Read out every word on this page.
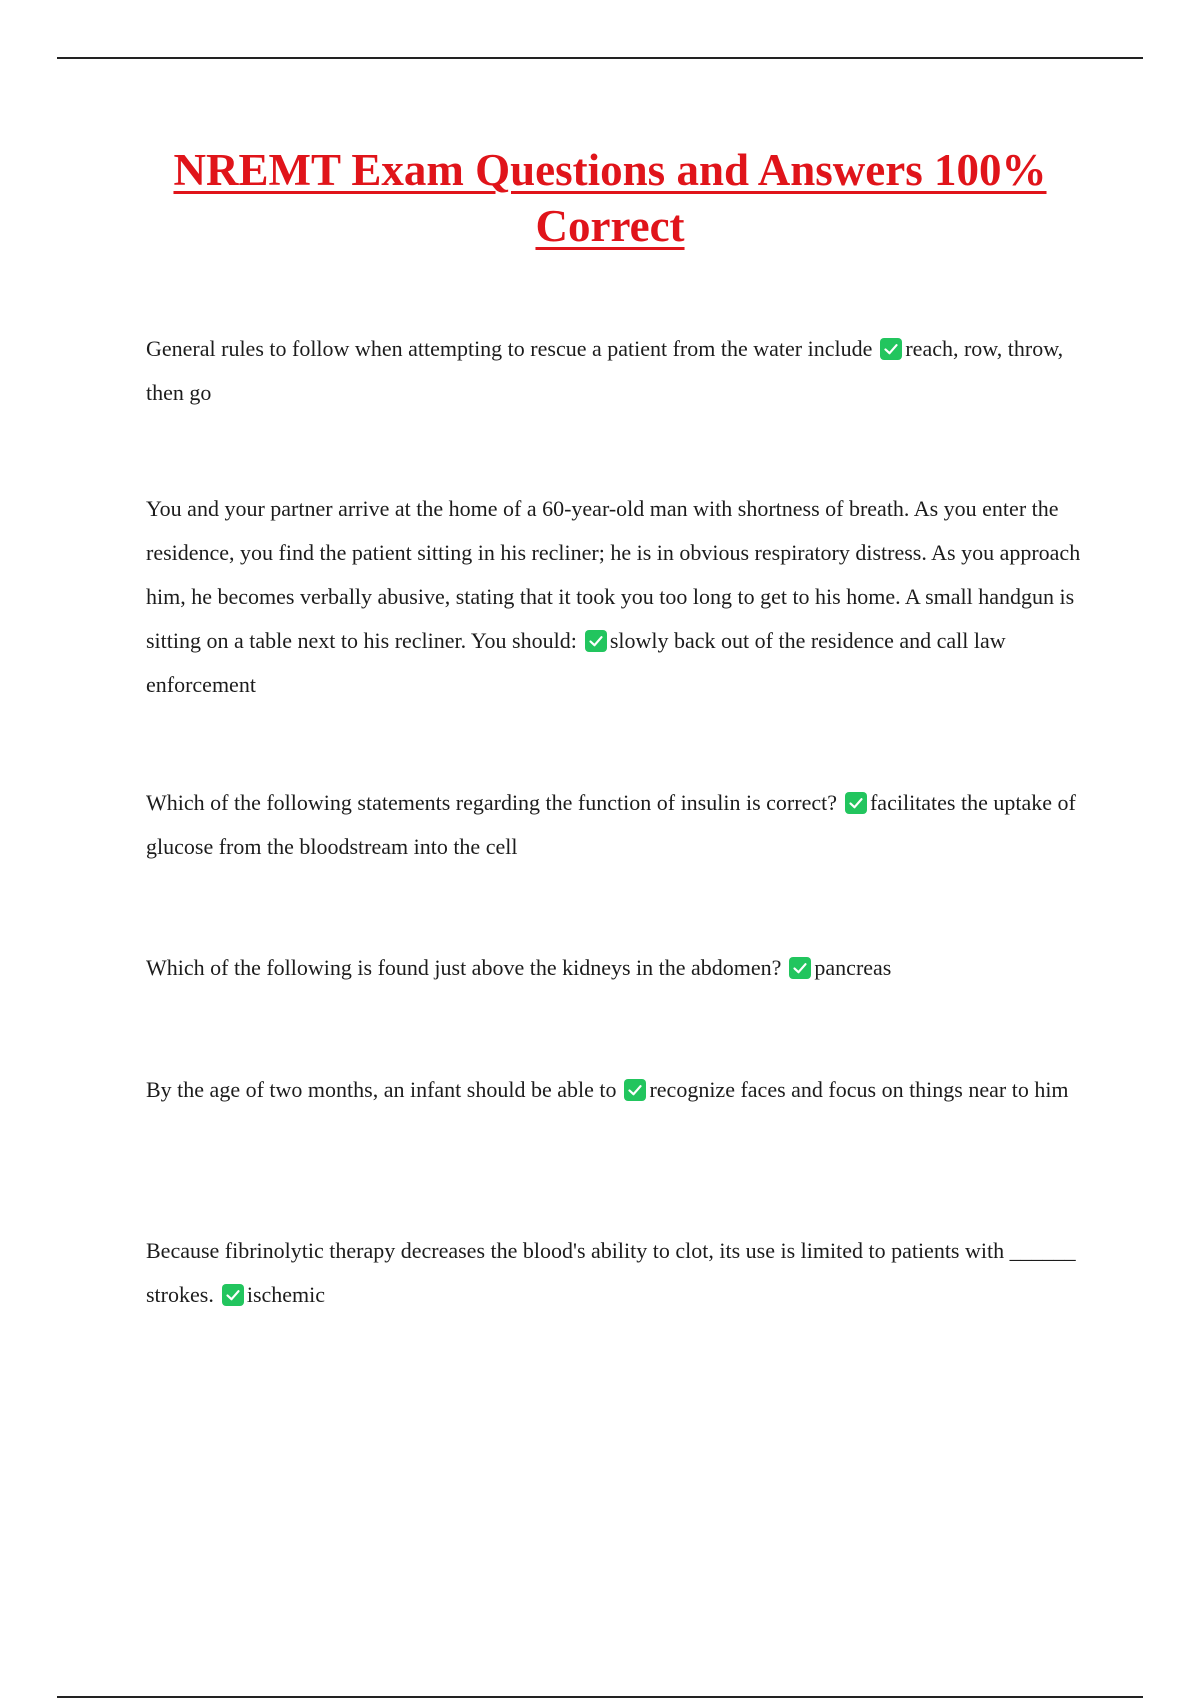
NREMT Exam Questions and Answers 100% Correct

General rules to follow when attempting to rescue a patient from the water include reach, row, throw, then go

You and your partner arrive at the home of a 60-year-old man with shortness of breath. As you enter the residence, you find the patient sitting in his recliner; he is in obvious respiratory distress. As you approach him, he becomes verbally abusive, stating that it took you too long to get to his home. A small handgun is sitting on a table next to his recliner. You should: slowly back out of the residence and call law enforcement

Which of the following statements regarding the function of insulin is correct? facilitates the uptake of glucose from the bloodstream into the cell

Which of the following is found just above the kidneys in the abdomen? pancreas

By the age of two months, an infant should be able to recognize faces and focus on things near to him

Because fibrinolytic therapy decreases the blood's ability to clot, its use is limited to patients with ______ strokes. ischemic
